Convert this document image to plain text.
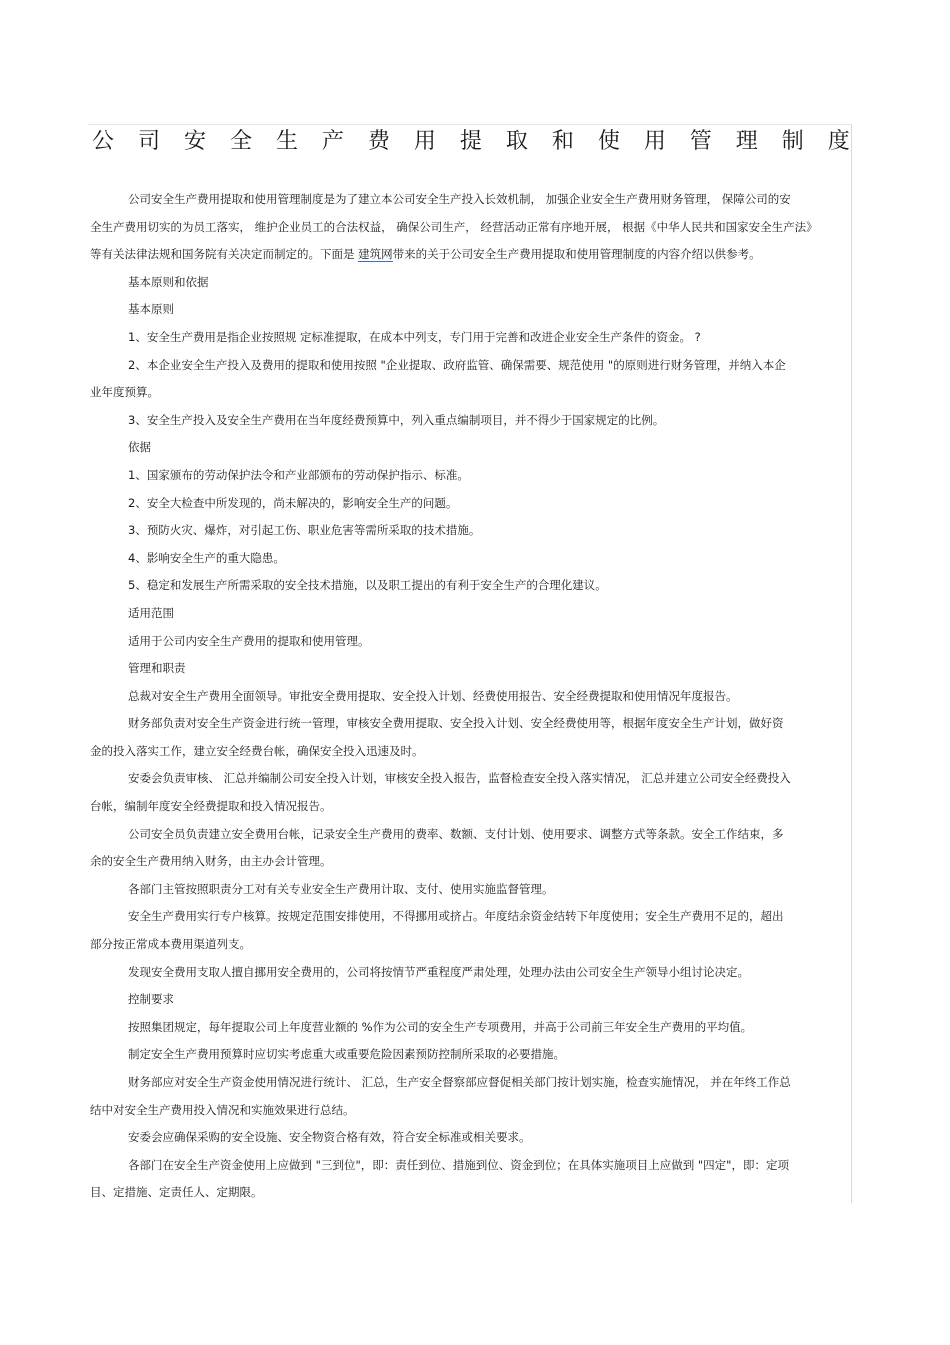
公 司 安 全 生 产 费 用 提 取 和 使 用 管 理 制 度

公司安全生产费用提取和使用管理制度是为了建立本公司安全生产投入长效机制， 加强企业安全生产费用财务管理， 保障公司的安

全生产费用切实的为员工落实， 维护企业员工的合法权益， 确保公司生产， 经营活动正常有序地开展， 根据《中华人民共和国家安全生产法》

等有关法律法规和国务院有关决定而制定的。下面是 建筑网带来的关于公司安全生产费用提取和使用管理制度的内容介绍以供参考。

基本原则和依据

基本原则

1、安全生产费用是指企业按照规 定标准提取，在成本中列支，专门用于完善和改进企业安全生产条件的资金。 ?

2、本企业安全生产投入及费用的提取和使用按照 "企业提取、政府监管、确保需要、规范使用 "的原则进行财务管理，并纳入本企

业年度预算。

3、安全生产投入及安全生产费用在当年度经费预算中，列入重点编制项目，并不得少于国家规定的比例。

依据

1、国家颁布的劳动保护法令和产业部颁布的劳动保护指示、标准。

2、安全大检查中所发现的，尚未解决的，影响安全生产的问题。

3、预防火灾、爆炸，对引起工伤、职业危害等需所采取的技术措施。

4、影响安全生产的重大隐患。

5、稳定和发展生产所需采取的安全技术措施，以及职工提出的有利于安全生产的合理化建议。

适用范围

适用于公司内安全生产费用的提取和使用管理。

管理和职责

总裁对安全生产费用全面领导。审批安全费用提取、安全投入计划、经费使用报告、安全经费提取和使用情况年度报告。

财务部负责对安全生产资金进行统一管理，审核安全费用提取、安全投入计划、安全经费使用等，根据年度安全生产计划，做好资

金的投入落实工作，建立安全经费台帐，确保安全投入迅速及时。

安委会负责审核、 汇总并编制公司安全投入计划，审核安全投入报告，监督检查安全投入落实情况， 汇总并建立公司安全经费投入

台帐，编制年度安全经费提取和投入情况报告。

公司安全员负责建立安全费用台帐，记录安全生产费用的费率、数额、支付计划、使用要求、调整方式等条款。安全工作结束，多

余的安全生产费用纳入财务，由主办会计管理。

各部门主管按照职责分工对有关专业安全生产费用计取、支付、使用实施监督管理。

安全生产费用实行专户核算。按规定范围安排使用，不得挪用或挤占。年度结余资金结转下年度使用；安全生产费用不足的，超出

部分按正常成本费用渠道列支。

发现安全费用支取人擅自挪用安全费用的，公司将按情节严重程度严肃处理，处理办法由公司安全生产领导小组讨论决定。

控制要求

按照集团规定，每年提取公司上年度营业额的 %作为公司的安全生产专项费用，并高于公司前三年安全生产费用的平均值。

制定安全生产费用预算时应切实考虑重大或重要危险因素预防控制所采取的必要措施。

财务部应对安全生产资金使用情况进行统计、 汇总，生产安全督察部应督促相关部门按计划实施，检查实施情况， 并在年终工作总

结中对安全生产费用投入情况和实施效果进行总结。

安委会应确保采购的安全设施、安全物资合格有效，符合安全标准或相关要求。

各部门在安全生产资金使用上应做到 "三到位"，即：责任到位、措施到位、资金到位；在具体实施项目上应做到 "四定"，即：定项

目、定措施、定责任人、定期限。
